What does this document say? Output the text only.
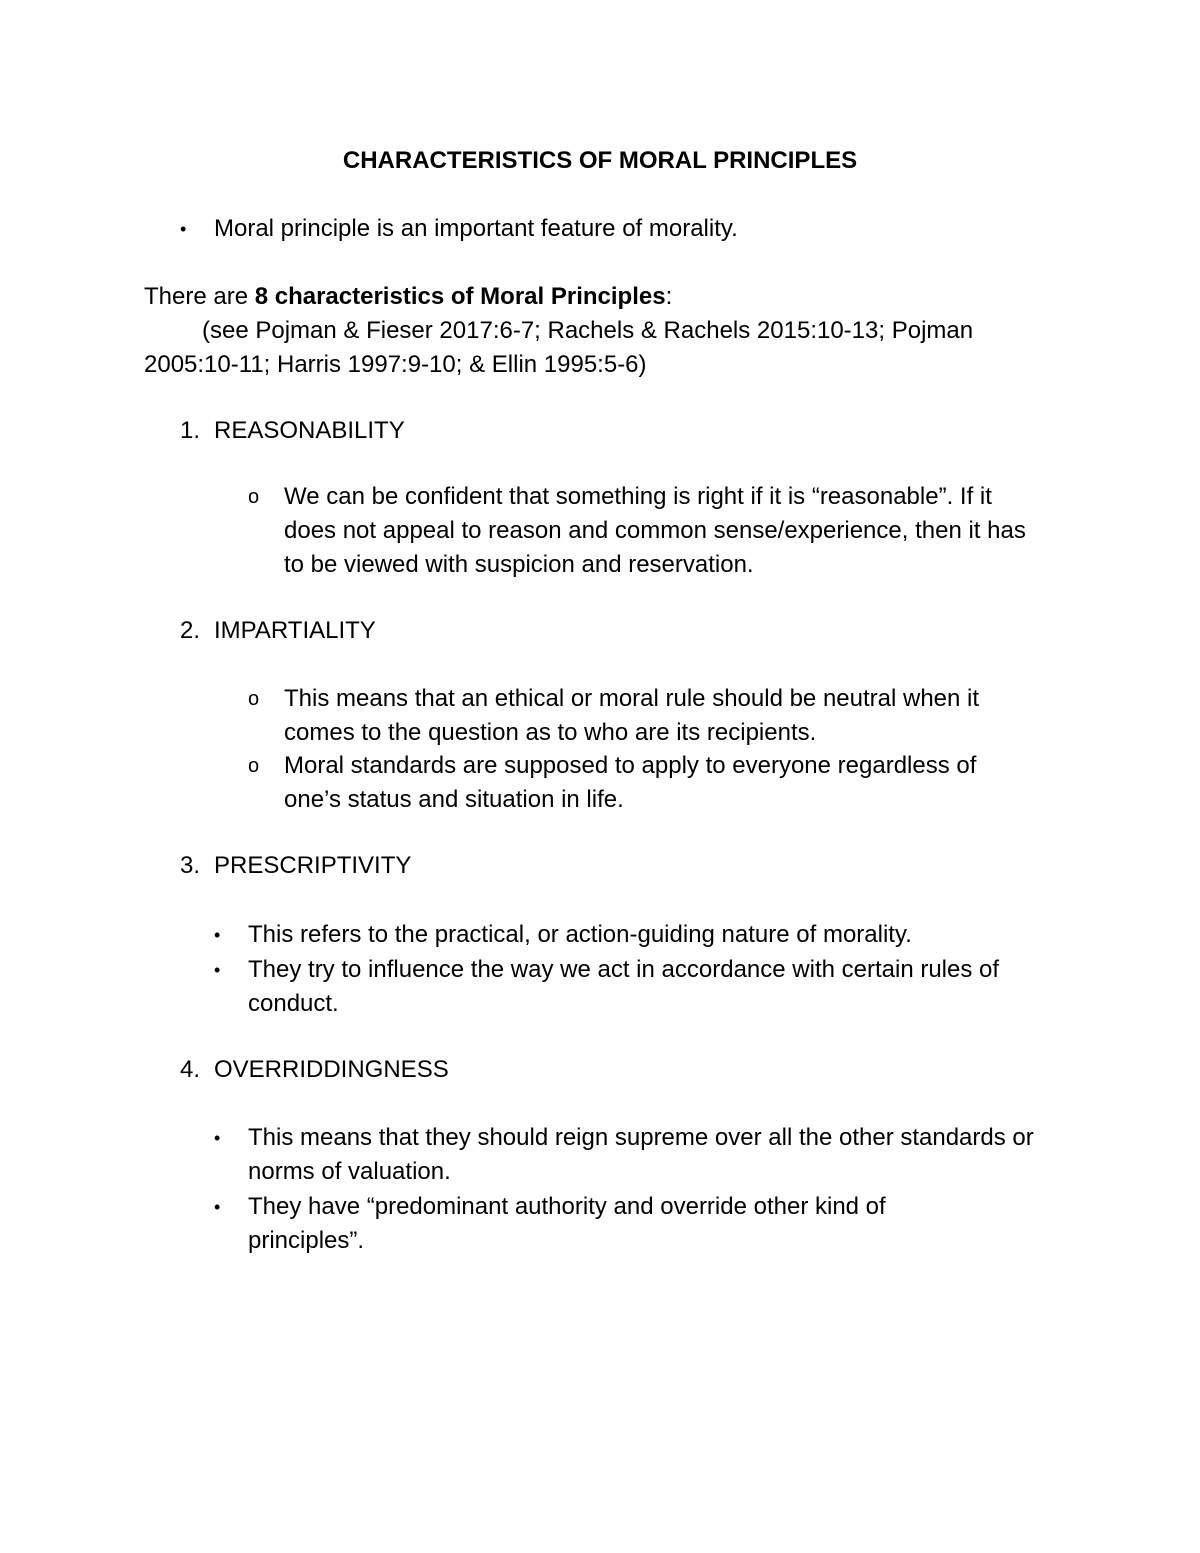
CHARACTERISTICS OF MORAL PRINCIPLES
•	Moral principle is an important feature of morality.
There are 8 characteristics of Moral Principles:
(see Pojman & Fieser 2017:6-7; Rachels & Rachels 2015:10-13; Pojman 2005:10-11; Harris 1997:9-10; & Ellin 1995:5-6)
1. REASONABILITY
o	We can be confident that something is right if it is “reasonable”. If it does not appeal to reason and common sense/experience, then it has to be viewed with suspicion and reservation.
2. IMPARTIALITY
o	This means that an ethical or moral rule should be neutral when it comes to the question as to who are its recipients.
o	Moral standards are supposed to apply to everyone regardless of one’s status and situation in life.
3. PRESCRIPTIVITY
•	This refers to the practical, or action-guiding nature of morality.
•	They try to influence the way we act in accordance with certain rules of conduct.
4. OVERRIDDINGNESS
•	This means that they should reign supreme over all the other standards or norms of valuation.
•	They have “predominant authority and override other kind of principles”.
